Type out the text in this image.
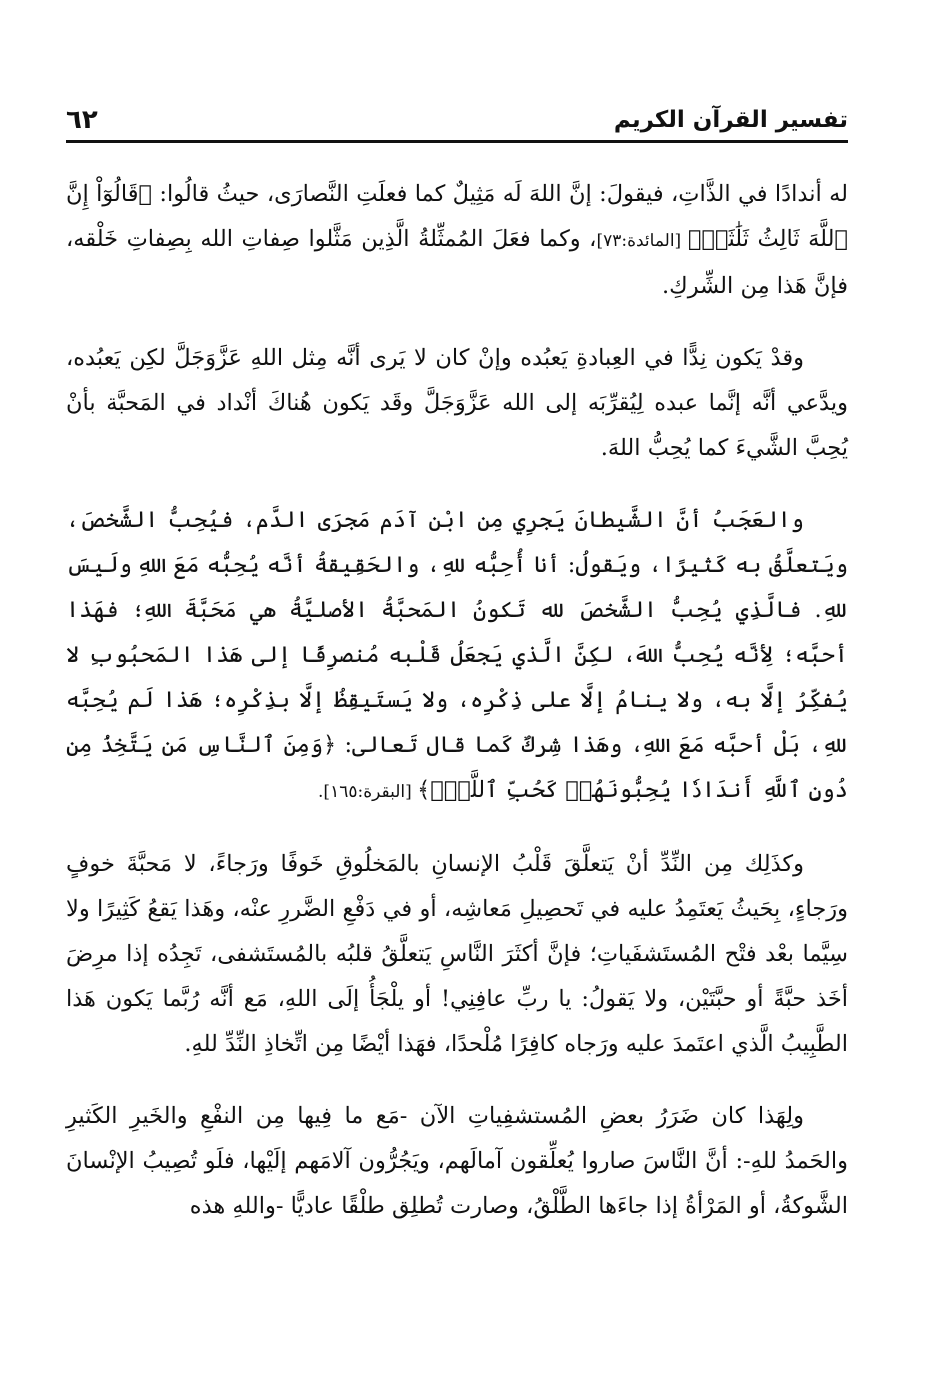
٦٢	تفسير القرآن الكريم

له أندادًا في الذَّاتِ، فيقولَ: إنَّ اللهَ لَه مَثِيلٌ كما فعلَتِ النَّصارَى، حيثُ قالُوا: ﴿قَالُوٓاْ إِنَّ ٱللَّهَ ثَالِثُ ثَلَٰثَةٖ﴾ [المائدة:٧٣]، وكما فعَلَ المُمثِّلةُ الَّذِين مَثَّلوا صِفاتِ الله بِصِفاتِ خَلْقه، فإنَّ هَذا مِن الشِّركِ.

وقدْ يَكون نِدًّا في العِبادةِ يَعبُده وإنْ كان لا يَرى أنَّه مِثل اللهِ عَزَّوَجَلَّ لكِن يَعبُده، ويدَّعي أنَّه إنَّما عبده لِيُقرِّبَه إلى الله عَزَّوَجَلَّ وقَد يَكون هُناكَ أنْداد في المَحبَّة بأنْ يُحِبَّ الشَّيءَ كما يُحِبُّ اللهَ.

والعَجَبُ أنَّ الشَّيطانَ يَجرِي مِن ابْن آدَم مَجرَى الدَّم، فيُحِبُّ الشَّخصَ، ويَتعلَّقُ به كَثيرًا، ويَقولُ: أنا أُحِبُّه للهِ، والحَقِيقةُ أنَّه يُحِبُّه مَعَ اللهِ ولَيسَ للهِ. فالَّذِي يُحِبُّ الشَّخصَ لله تَكونُ المَحبَّةُ الأصليَّةُ هي مَحَبَّةَ اللهِ؛ فهَذا أحبَّه؛ لِأنَّه يُحِبُّ اللهَ، لكِنَّ الَّذي يَجعَلُ قَلْبه مُنصرِفًا إلى هَذا المَحبُوبِ لا يُفكِّرُ إلَّا به، ولا ينامُ إلَّا على ذِكْرِه، ولا يَستَيقِظُ إلَّا بذِكْرِه؛ هَذا لَم يُحِبَّه للهِ، بَلْ أحبَّه مَعَ اللهِ، وهَذا شِركٌ كَما قال تَعالى: ﴿وَمِنَ ٱلنَّاسِ مَن يَتَّخِذُ مِن دُونِ ٱللَّهِ أَندَادٗا يُحِبُّونَهُمۡ كَحُبِّ ٱللَّهِۖ﴾ [البقرة:١٦٥].

وكذَلِك مِن النِّدِّ أنْ يَتعلَّقَ قَلْبُ الإنسانِ بالمَخلُوقِ خَوفًا ورَجاءً، لا مَحبَّةَ خوفٍ ورَجاءٍ، بِحَيثُ يَعتَمِدُ عليه في تَحصِيلِ مَعاشِه، أو في دَفْعِ الضَّررِ عنْه، وهَذا يَقعُ كَثِيرًا ولا سِيَّما بعْد فتْح المُستَشفَياتِ؛ فإنَّ أكثَرَ النَّاسِ يَتعلَّقُ قلبُه بالمُستَشفى، تَجِدُه إذا مرِضَ أخَذ حبَّةً أو حبَّتَيْن، ولا يَقولُ: يا ربِّ عافِنِي! أو يلْجَأُ إلَى اللهِ، مَع أنَّه رُبَّما يَكون هَذا الطَّبِيبُ الَّذي اعتَمدَ عليه ورَجاه كافِرًا مُلْحدًا، فهَذا أيْضًا مِن اتِّخاذِ النِّدِّ للهِ.

ولِهَذا كان ضَرَرُ بعضِ المُستشفِياتِ الآن -مَع ما فِيها مِن النفْعِ والخَيرِ الكَثيرِ والحَمدُ للهِ-: أنَّ النَّاسَ صاروا يُعلِّقون آمالَهم، ويَجُرُّون آلامَهم إلَيْها، فلَو تُصِيبُ الإنْسانَ الشَّوكةُ، أو المَرْأةُ إذا جاءَها الطَّلْقُ، وصارت تُطلِق طلْقًا عاديًّا -واللهِ هذه
